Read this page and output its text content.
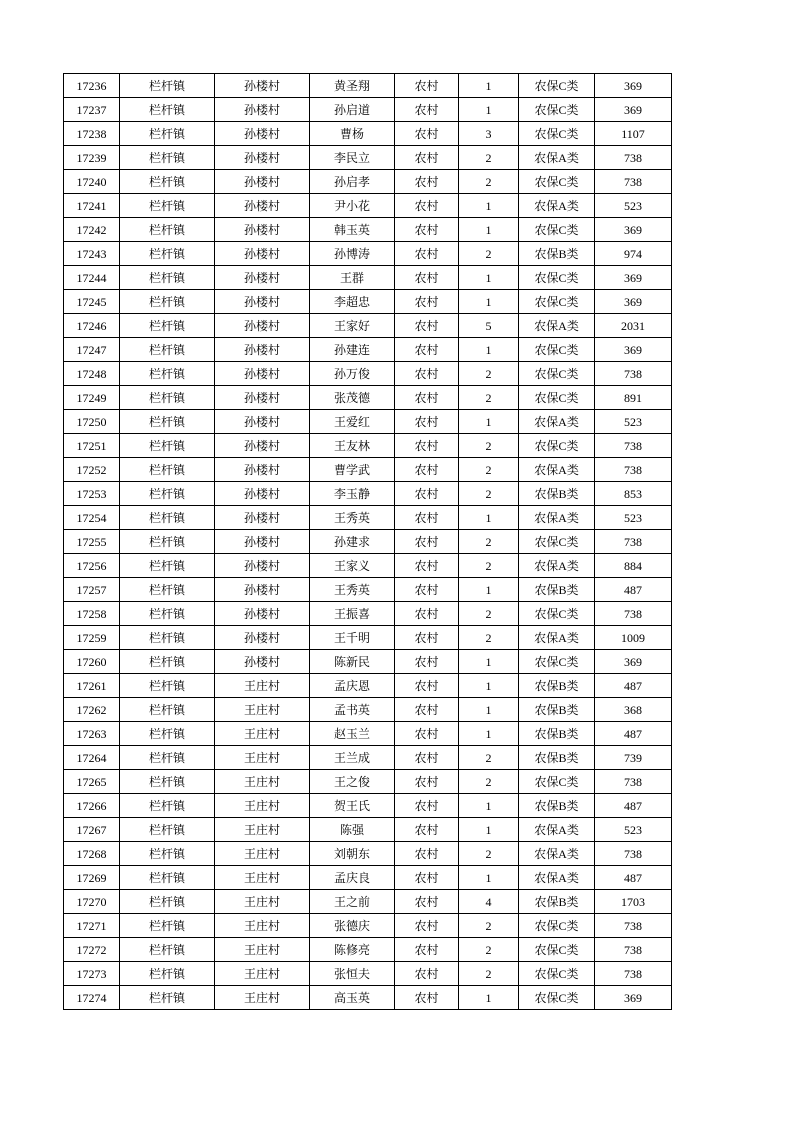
17236	栏杆镇	孙楼村	黄圣翔	农村	1	农保C类	369
17237	栏杆镇	孙楼村	孙启道	农村	1	农保C类	369
17238	栏杆镇	孙楼村	曹杨	农村	3	农保C类	1107
17239	栏杆镇	孙楼村	李民立	农村	2	农保A类	738
17240	栏杆镇	孙楼村	孙启孝	农村	2	农保C类	738
17241	栏杆镇	孙楼村	尹小花	农村	1	农保A类	523
17242	栏杆镇	孙楼村	韩玉英	农村	1	农保C类	369
17243	栏杆镇	孙楼村	孙博涛	农村	2	农保B类	974
17244	栏杆镇	孙楼村	王群	农村	1	农保C类	369
17245	栏杆镇	孙楼村	李超忠	农村	1	农保C类	369
17246	栏杆镇	孙楼村	王家好	农村	5	农保A类	2031
17247	栏杆镇	孙楼村	孙建连	农村	1	农保C类	369
17248	栏杆镇	孙楼村	孙万俊	农村	2	农保C类	738
17249	栏杆镇	孙楼村	张茂德	农村	2	农保C类	891
17250	栏杆镇	孙楼村	王爱红	农村	1	农保A类	523
17251	栏杆镇	孙楼村	王友林	农村	2	农保C类	738
17252	栏杆镇	孙楼村	曹学武	农村	2	农保A类	738
17253	栏杆镇	孙楼村	李玉静	农村	2	农保B类	853
17254	栏杆镇	孙楼村	王秀英	农村	1	农保A类	523
17255	栏杆镇	孙楼村	孙建求	农村	2	农保C类	738
17256	栏杆镇	孙楼村	王家义	农村	2	农保A类	884
17257	栏杆镇	孙楼村	王秀英	农村	1	农保B类	487
17258	栏杆镇	孙楼村	王振喜	农村	2	农保C类	738
17259	栏杆镇	孙楼村	王千明	农村	2	农保A类	1009
17260	栏杆镇	孙楼村	陈新民	农村	1	农保C类	369
17261	栏杆镇	王庄村	孟庆恩	农村	1	农保B类	487
17262	栏杆镇	王庄村	孟书英	农村	1	农保B类	368
17263	栏杆镇	王庄村	赵玉兰	农村	1	农保B类	487
17264	栏杆镇	王庄村	王兰成	农村	2	农保B类	739
17265	栏杆镇	王庄村	王之俊	农村	2	农保C类	738
17266	栏杆镇	王庄村	贺王氏	农村	1	农保B类	487
17267	栏杆镇	王庄村	陈强	农村	1	农保A类	523
17268	栏杆镇	王庄村	刘朝东	农村	2	农保A类	738
17269	栏杆镇	王庄村	孟庆良	农村	1	农保A类	487
17270	栏杆镇	王庄村	王之前	农村	4	农保B类	1703
17271	栏杆镇	王庄村	张德庆	农村	2	农保C类	738
17272	栏杆镇	王庄村	陈修亮	农村	2	农保C类	738
17273	栏杆镇	王庄村	张恒夫	农村	2	农保C类	738
17274	栏杆镇	王庄村	高玉英	农村	1	农保C类	369
